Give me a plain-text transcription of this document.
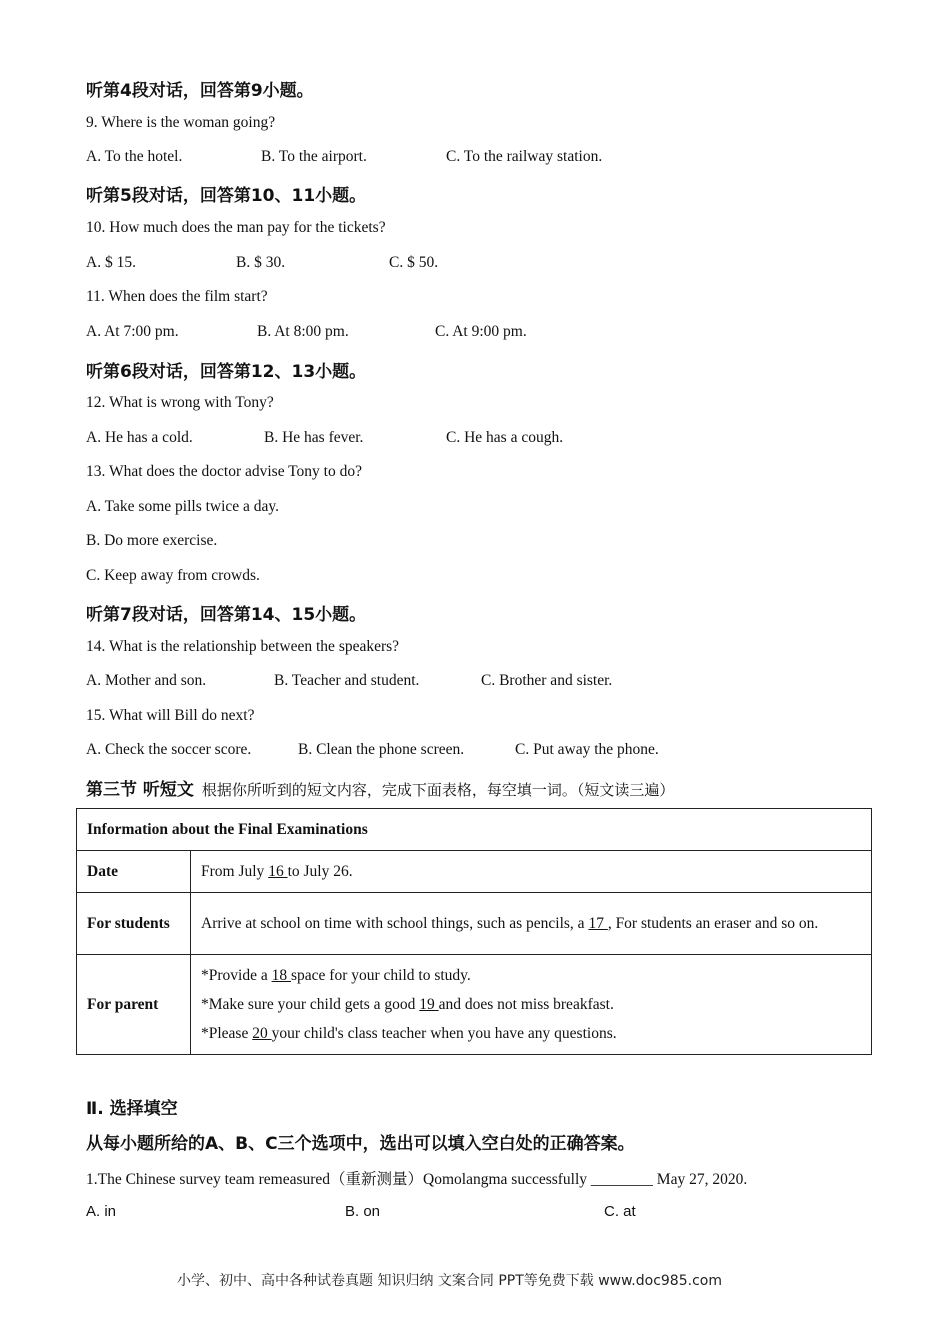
听第4段对话，回答第9小题。
9. Where is the woman going?
A. To the hotel.	B. To the airport.	C. To the railway station.
听第5段对话，回答第10、11小题。
10. How much does the man pay for the tickets?
A. $ 15.	B. $ 30.	C. $ 50.
11. When does the film start?
A. At 7:00 pm.	B. At 8:00 pm.	C. At 9:00 pm.
听第6段对话，回答第12、13小题。
12. What is wrong with Tony?
A. He has a cold.	B. He has fever.	C. He has a cough.
13. What does the doctor advise Tony to do?
A. Take some pills twice a day.
B. Do more exercise.
C. Keep away from crowds.
听第7段对话，回答第14、15小题。
14. What is the relationship between the speakers?
A. Mother and son.	B. Teacher and student.	C. Brother and sister.
15. What will Bill do next?
A. Check the soccer score.	B. Clean the phone screen.	C. Put away the phone.
第三节 听短文 根据你所听到的短文内容，完成下面表格，每空填一词。（短文读三遍）
Information about the Final Examinations	
Date	From July 16 to July 26.
For students	Arrive at school on time with school things, such as pencils, a 17 , For students an eraser and so on.
For parent	*Provide a 18 space for your child to study.
*Make sure your child gets a good 19 and does not miss breakfast.
*Please 20 your child's class teacher when you have any questions.
Ⅱ. 选择填空
从每小题所给的A、B、C三个选项中，选出可以填入空白处的正确答案。
1.The Chinese survey team remeasured（重新测量）Qomolangma successfully ________ May 27, 2020.
A. in	B. on	C. at
小学、初中、高中各种试卷真题 知识归纳 文案合同 PPT等免费下载 www.doc985.com
